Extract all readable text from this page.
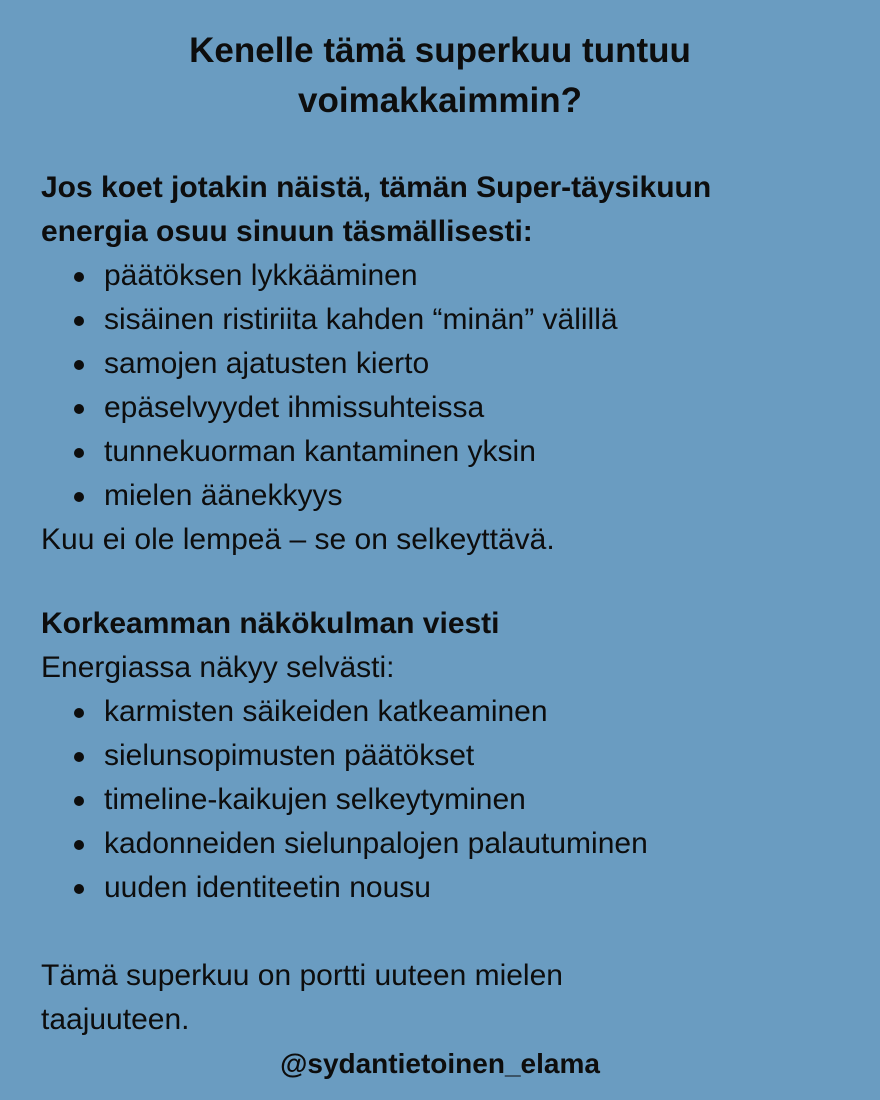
Kenelle tämä superkuu tuntuu
voimakkaimmin?

Jos koet jotakin näistä, tämän Super-täysikuun
energia osuu sinuun täsmällisesti:

päätöksen lykkääminen
sisäinen ristiriita kahden “minän” välillä
samojen ajatusten kierto
epäselvyydet ihmissuhteissa
tunnekuorman kantaminen yksin
mielen äänekkyys

Kuu ei ole lempeä – se on selkeyttävä.

Korkeamman näkökulman viesti

Energiassa näkyy selvästi:

karmisten säikeiden katkeaminen
sielunsopimusten päätökset
timeline-kaikujen selkeytyminen
kadonneiden sielunpalojen palautuminen
uuden identiteetin nousu

Tämä superkuu on portti uuteen mielen
taajuuteen.

@sydantietoinen_elama
